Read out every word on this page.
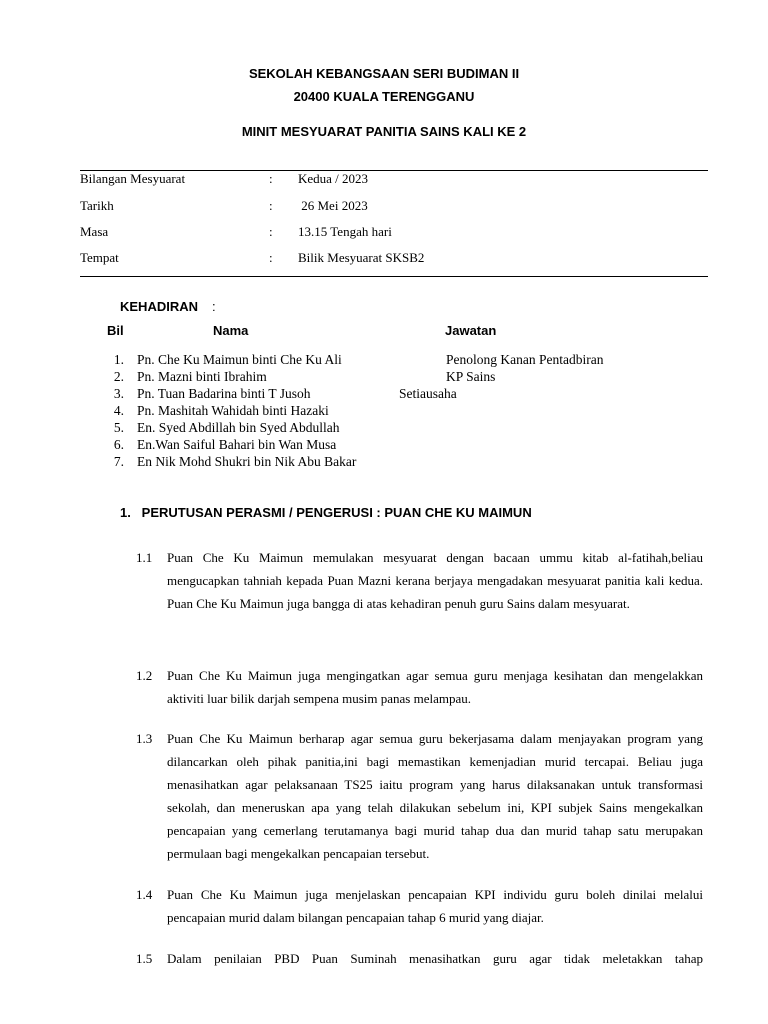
SEKOLAH KEBANGSAAN SERI BUDIMAN II
20400 KUALA TERENGGANU
MINIT MESYUARAT PANITIA SAINS KALI KE 2
Bilangan Mesyuarat	: Kedua / 2023
Tarikh	: 26 Mei 2023
Masa	: 13.15 Tengah hari
Tempat	: Bilik Mesyuarat SKSB2
KEHADIRAN :
Bil	Nama	Jawatan
1. Pn. Che Ku Maimun binti Che Ku Ali	Penolong Kanan Pentadbiran
2. Pn. Mazni binti Ibrahim	KP Sains
3. Pn. Tuan Badarina binti T Jusoh	Setiausaha
4. Pn. Mashitah Wahidah binti Hazaki
5. En. Syed Abdillah bin Syed Abdullah
6. En.Wan Saiful Bahari bin Wan Musa
7. En Nik Mohd Shukri bin Nik Abu Bakar
1.   PERUTUSAN PERASMI / PENGERUSI : PUAN CHE KU MAIMUN
1.1 Puan Che Ku Maimun memulakan mesyuarat dengan bacaan ummu kitab al-fatihah,beliau mengucapkan tahniah kepada Puan Mazni kerana berjaya mengadakan mesyuarat panitia kali kedua. Puan Che Ku Maimun juga bangga di atas kehadiran penuh guru Sains dalam mesyuarat.
1.2 Puan Che Ku Maimun juga mengingatkan agar semua guru menjaga kesihatan dan mengelakkan aktiviti luar bilik darjah sempena musim panas melampau.
1.3 Puan Che Ku Maimun berharap agar semua guru bekerjasama dalam menjayakan program yang dilancarkan oleh pihak panitia,ini bagi memastikan kemenjadian murid tercapai. Beliau juga menasihatkan agar pelaksanaan TS25 iaitu program yang harus dilaksanakan untuk transformasi sekolah, dan meneruskan apa yang telah dilakukan sebelum ini, KPI subjek Sains mengekalkan pencapaian yang cemerlang terutamanya bagi murid tahap dua dan murid tahap satu merupakan permulaan bagi mengekalkan pencapaian tersebut.
1.4 Puan Che Ku Maimun juga menjelaskan pencapaian KPI individu guru boleh dinilai melalui pencapaian murid dalam bilangan pencapaian tahap 6 murid yang diajar.
1.5 Dalam penilaian PBD Puan Suminah menasihatkan guru agar tidak meletakkan tahap
